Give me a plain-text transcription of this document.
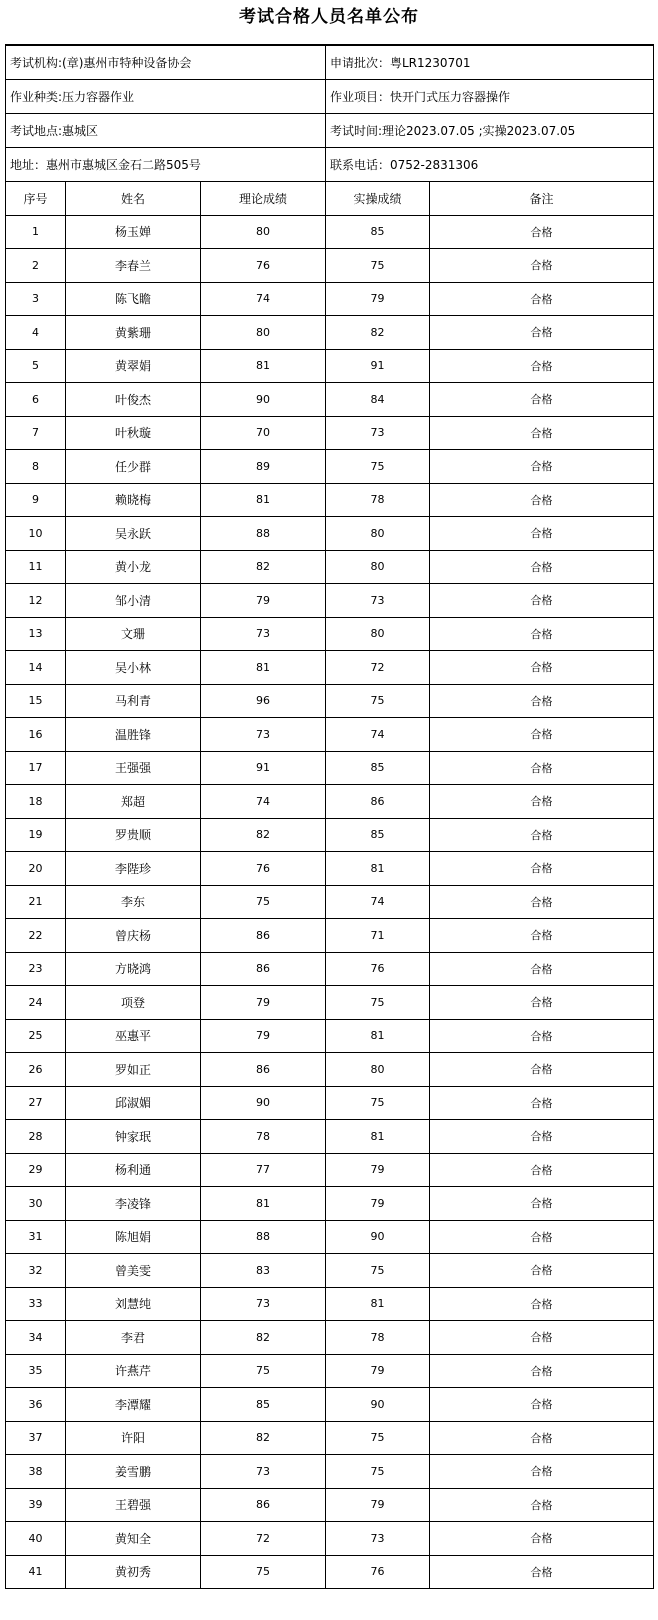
考试合格人员名单公布
考试机构:(章)惠州市特种设备协会			申请批次：粤LR1230701	
作业种类:压力容器作业			作业项目：快开门式压力容器操作	
考试地点:惠城区			考试时间:理论2023.07.05 ;实操2023.07.05	
地址：惠州市惠城区金石二路505号			联系电话：0752-2831306	
序号	姓名	理论成绩	实操成绩	备注
1	杨玉婵	80	85	合格
2	李春兰	76	75	合格
3	陈飞瞻	74	79	合格
4	黄紫珊	80	82	合格
5	黄翠娟	81	91	合格
6	叶俊杰	90	84	合格
7	叶秋璇	70	73	合格
8	任少群	89	75	合格
9	赖晓梅	81	78	合格
10	吴永跃	88	80	合格
11	黄小龙	82	80	合格
12	邹小清	79	73	合格
13	文珊	73	80	合格
14	吴小林	81	72	合格
15	马利青	96	75	合格
16	温胜锋	73	74	合格
17	王强强	91	85	合格
18	郑超	74	86	合格
19	罗贵顺	82	85	合格
20	李陛珍	76	81	合格
21	李东	75	74	合格
22	曾庆杨	86	71	合格
23	方晓鸿	86	76	合格
24	项登	79	75	合格
25	巫惠平	79	81	合格
26	罗如正	86	80	合格
27	邱淑媚	90	75	合格
28	钟家珉	78	81	合格
29	杨利通	77	79	合格
30	李凌锋	81	79	合格
31	陈旭娟	88	90	合格
32	曾美雯	83	75	合格
33	刘慧纯	73	81	合格
34	李君	82	78	合格
35	许燕芹	75	79	合格
36	李潭耀	85	90	合格
37	许阳	82	75	合格
38	姜雪鹏	73	75	合格
39	王碧强	86	79	合格
40	黄知全	72	73	合格
41	黄初秀	75	76	合格
